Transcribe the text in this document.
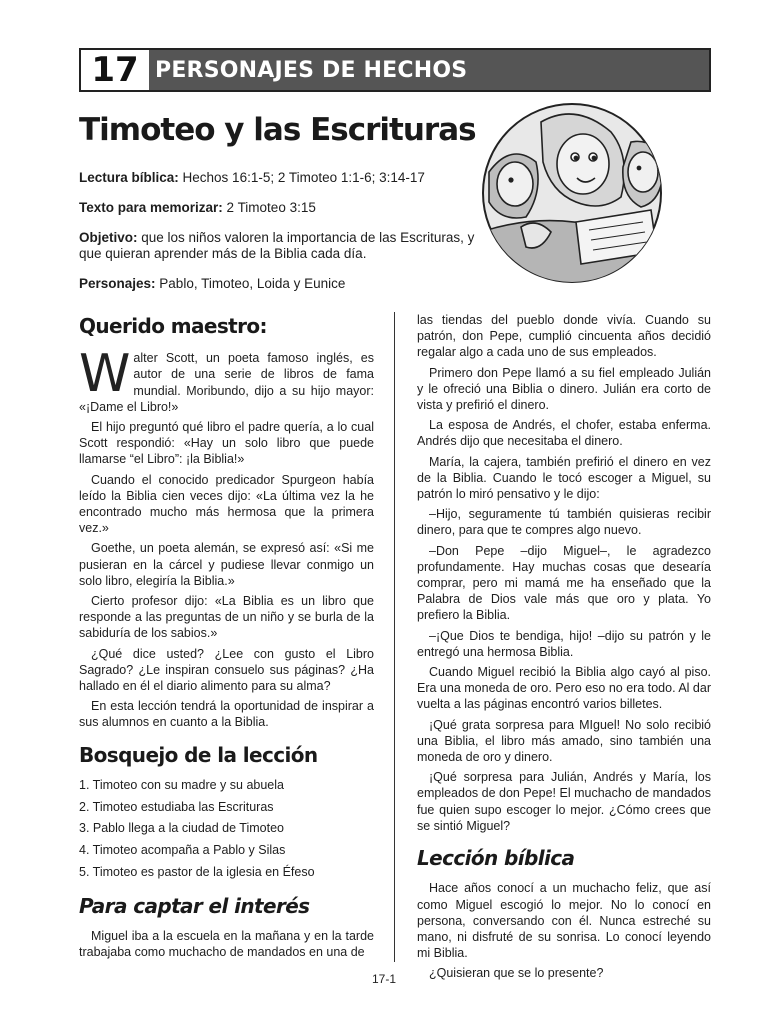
17 PERSONAJES DE HECHOS
Timoteo y las Escrituras

Lectura bíblica: Hechos 16:1-5; 2 Timoteo 1:1-6; 3:14-17

Texto para memorizar: 2 Timoteo 3:15

Objetivo: que los niños valoren la importancia de las Escrituras, y que quieran aprender más de la Biblia cada día.

Personajes: Pablo, Timoteo, Loida y Eunice

Querido maestro:

Walter Scott, un poeta famoso inglés, es autor de una serie de libros de fama mundial. Moribundo, dijo a su hijo mayor: «¡Dame el Libro!»

El hijo preguntó qué libro el padre quería, a lo cual Scott respondió: «Hay un solo libro que puede llamarse “el Libro”: ¡la Biblia!»

Cuando el conocido predicador Spurgeon había leído la Biblia cien veces dijo: «La última vez la he encontrado mucho más hermosa que la primera vez.»

Goethe, un poeta alemán, se expresó así: «Si me pusieran en la cárcel y pudiese llevar conmigo un solo libro, elegiría la Biblia.»

Cierto profesor dijo: «La Biblia es un libro que responde a las preguntas de un niño y se burla de la sabiduría de los sabios.»

¿Qué dice usted? ¿Lee con gusto el Libro Sagrado? ¿Le inspiran consuelo sus páginas? ¿Ha hallado en él el diario alimento para su alma?

En esta lección tendrá la oportunidad de inspirar a sus alumnos en cuanto a la Biblia.

Bosquejo de la lección
1. Timoteo con su madre y su abuela
2. Timoteo estudiaba las Escrituras
3. Pablo llega a la ciudad de Timoteo
4. Timoteo acompaña a Pablo y Silas
5. Timoteo es pastor de la iglesia en Éfeso
Para captar el interés

Miguel iba a la escuela en la mañana y en la tarde trabajaba como muchacho de mandados en una de

las tiendas del pueblo donde vivía. Cuando su patrón, don Pepe, cumplió cincuenta años decidió regalar algo a cada uno de sus empleados.

Primero don Pepe llamó a su fiel empleado Julián y le ofreció una Biblia o dinero. Julián era corto de vista y prefirió el dinero.

La esposa de Andrés, el chofer, estaba enferma. Andrés dijo que necesitaba el dinero.

María, la cajera, también prefirió el dinero en vez de la Biblia. Cuando le tocó escoger a Miguel, su patrón lo miró pensativo y le dijo:

–Hijo, seguramente tú también quisieras recibir dinero, para que te compres algo nuevo.

–Don Pepe –dijo Miguel–, le agradezco profundamente. Hay muchas cosas que desearía comprar, pero mi mamá me ha enseñado que la Palabra de Dios vale más que oro y plata. Yo prefiero la Biblia.

–¡Que Dios te bendiga, hijo! –dijo su patrón y le entregó una hermosa Biblia.

Cuando Miguel recibió la Biblia algo cayó al piso. Era una moneda de oro. Pero eso no era todo. Al dar vuelta a las páginas encontró varios billetes.

¡Qué grata sorpresa para MIguel! No solo recibió una Biblia, el libro más amado, sino también una moneda de oro y dinero.

¡Qué sorpresa para Julián, Andrés y María, los empleados de don Pepe! El muchacho de mandados fue quien supo escoger lo mejor. ¿Cómo crees que se sintió Miguel?

Lección bíblica

Hace años conocí a un muchacho feliz, que así como Miguel escogió lo mejor. No lo conocí en persona, conversando con él. Nunca estreché su mano, ni disfruté de su sonrisa. Lo conocí leyendo mi Biblia.

¿Quisieran que se lo presente?

17-1
